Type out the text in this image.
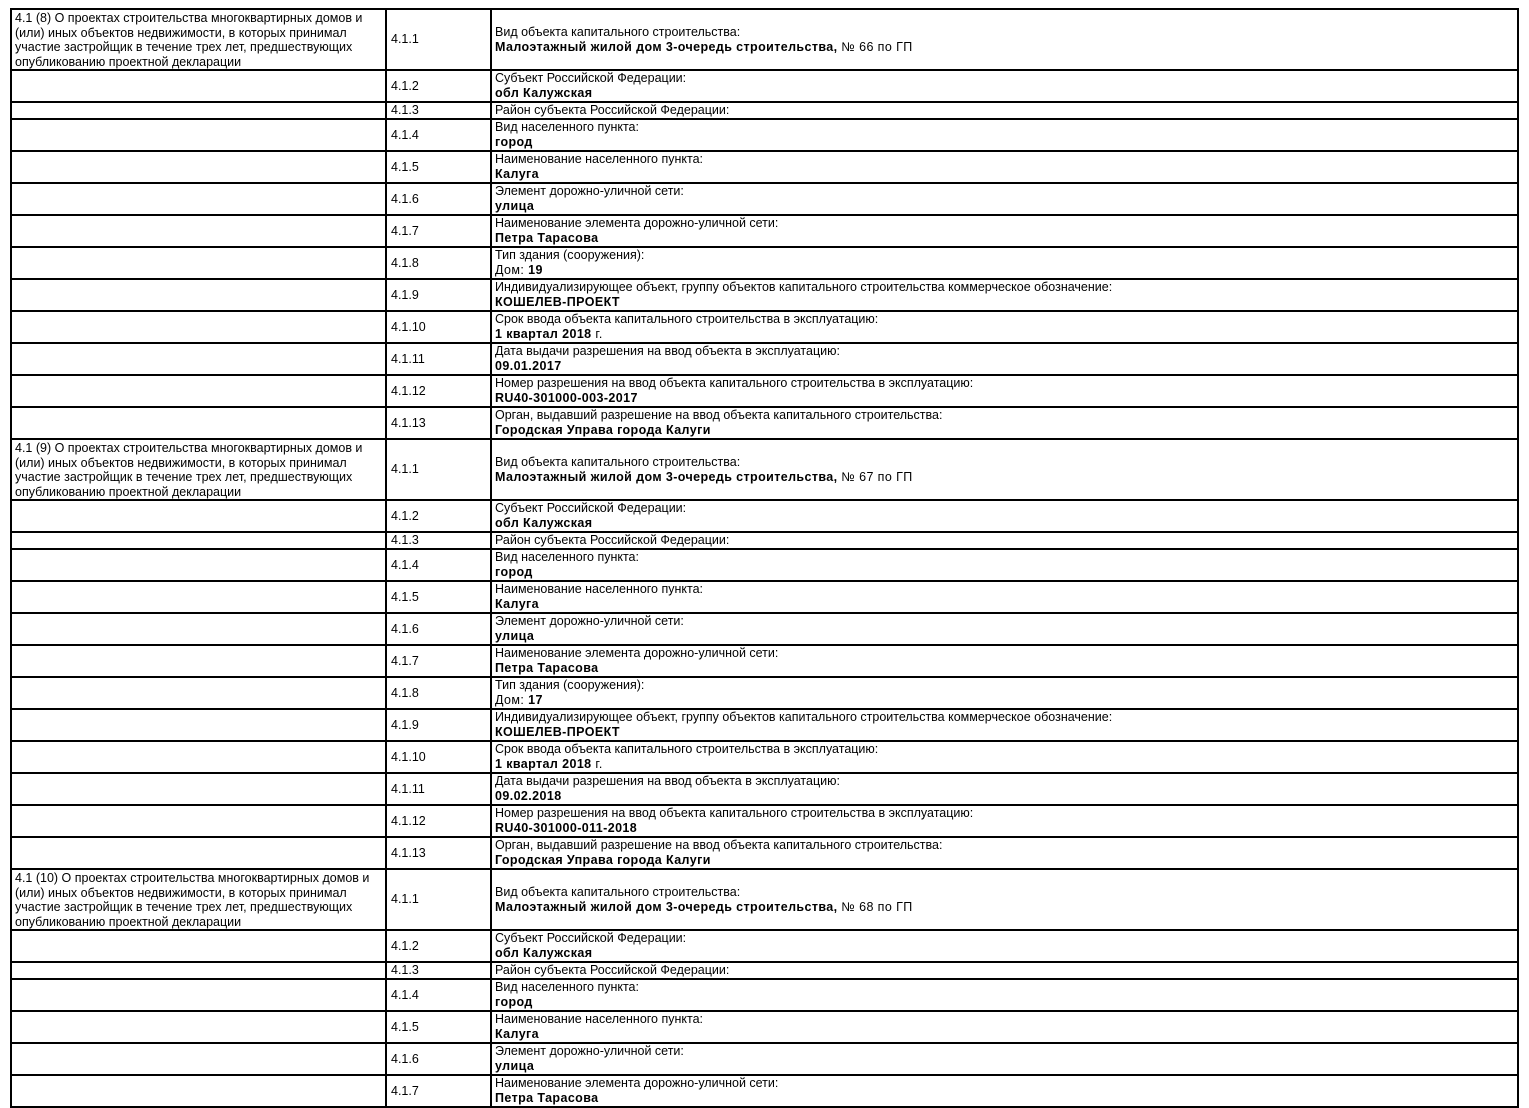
4.1 (8) О проектах строительства многоквартирных домов и (или) иных объектов недвижимости, в которых принимал участие застройщик в течение трех лет, предшествующих опубликованию проектной декларации	4.1.1	Вид объекта капитального строительства:
Малоэтажный жилой дом 3-очередь строительства, № 66 по ГП
	4.1.2	Субъект Российской Федерации:
обл Калужская
	4.1.3	Район субъекта Российской Федерации:
	4.1.4	Вид населенного пункта:
город
	4.1.5	Наименование населенного пункта:
Калуга
	4.1.6	Элемент дорожно-уличной сети:
улица
	4.1.7	Наименование элемента дорожно-уличной сети:
Петра Тарасова
	4.1.8	Тип здания (сооружения):
Дом: 19
	4.1.9	Индивидуализирующее объект, группу объектов капитального строительства коммерческое обозначение:
КОШЕЛЕВ-ПРОЕКТ
	4.1.10	Срок ввода объекта капитального строительства в эксплуатацию:
1 квартал 2018 г.
	4.1.11	Дата выдачи разрешения на ввод объекта в эксплуатацию:
09.01.2017
	4.1.12	Номер разрешения на ввод объекта капитального строительства в эксплуатацию:
RU40-301000-003-2017
	4.1.13	Орган, выдавший разрешение на ввод объекта капитального строительства:
Городская Управа города Калуги
4.1 (9) О проектах строительства многоквартирных домов и (или) иных объектов недвижимости, в которых принимал участие застройщик в течение трех лет, предшествующих опубликованию проектной декларации	4.1.1	Вид объекта капитального строительства:
Малоэтажный жилой дом 3-очередь строительства, № 67 по ГП
	4.1.2	Субъект Российской Федерации:
обл Калужская
	4.1.3	Район субъекта Российской Федерации:
	4.1.4	Вид населенного пункта:
город
	4.1.5	Наименование населенного пункта:
Калуга
	4.1.6	Элемент дорожно-уличной сети:
улица
	4.1.7	Наименование элемента дорожно-уличной сети:
Петра Тарасова
	4.1.8	Тип здания (сооружения):
Дом: 17
	4.1.9	Индивидуализирующее объект, группу объектов капитального строительства коммерческое обозначение:
КОШЕЛЕВ-ПРОЕКТ
	4.1.10	Срок ввода объекта капитального строительства в эксплуатацию:
1 квартал 2018 г.
	4.1.11	Дата выдачи разрешения на ввод объекта в эксплуатацию:
09.02.2018
	4.1.12	Номер разрешения на ввод объекта капитального строительства в эксплуатацию:
RU40-301000-011-2018
	4.1.13	Орган, выдавший разрешение на ввод объекта капитального строительства:
Городская Управа города Калуги
4.1 (10) О проектах строительства многоквартирных домов и (или) иных объектов недвижимости, в которых принимал участие застройщик в течение трех лет, предшествующих опубликованию проектной декларации	4.1.1	Вид объекта капитального строительства:
Малоэтажный жилой дом 3-очередь строительства, № 68 по ГП
	4.1.2	Субъект Российской Федерации:
обл Калужская
	4.1.3	Район субъекта Российской Федерации:
	4.1.4	Вид населенного пункта:
город
	4.1.5	Наименование населенного пункта:
Калуга
	4.1.6	Элемент дорожно-уличной сети:
улица
	4.1.7	Наименование элемента дорожно-уличной сети:
Петра Тарасова
